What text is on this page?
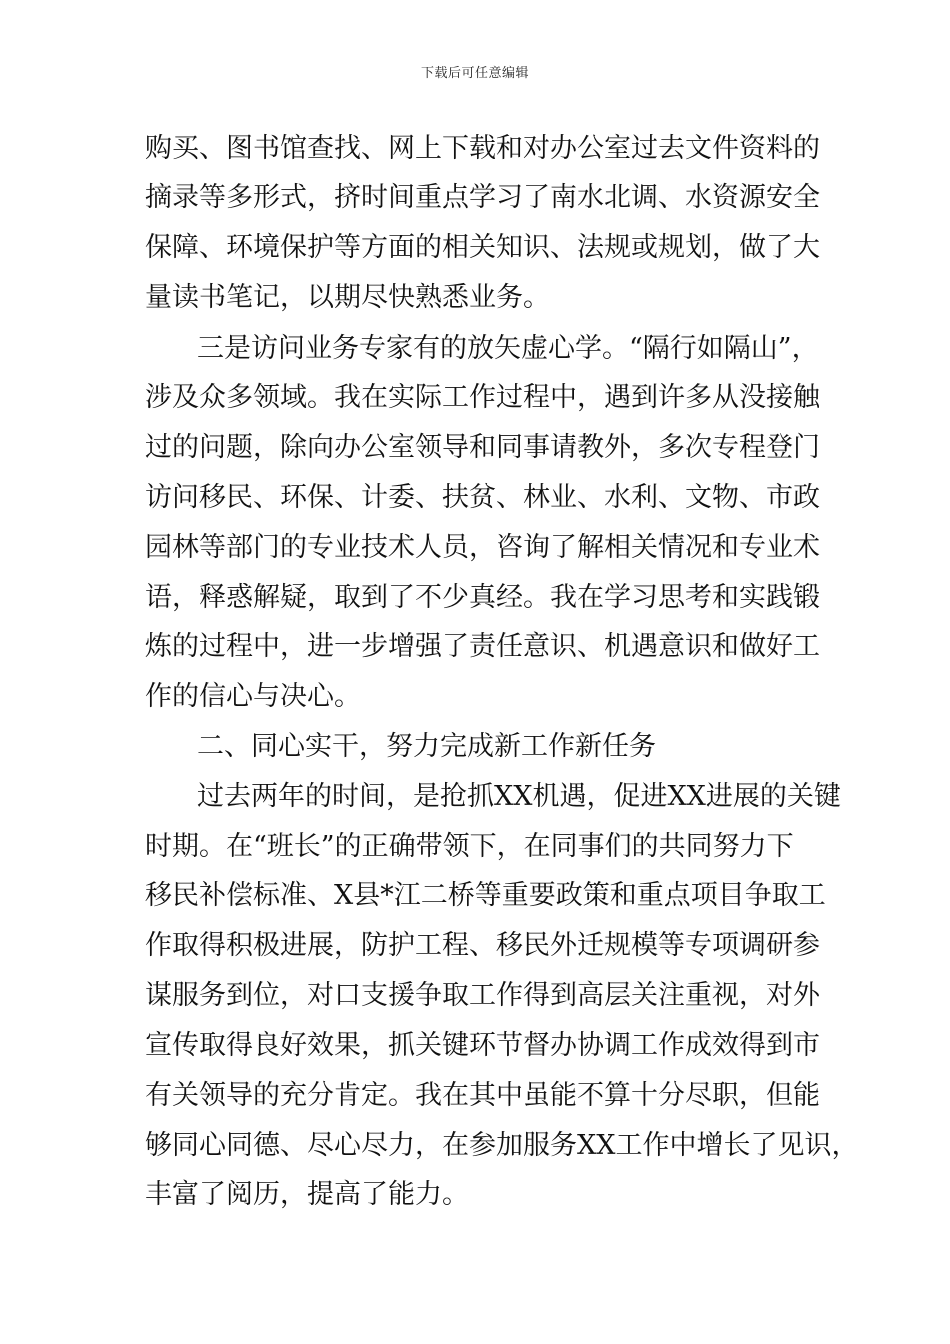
下载后可任意编辑
购买、图书馆查找、网上下载和对办公室过去文件资料的
摘录等多形式，挤时间重点学习了南水北调、水资源安全
保障、环境保护等方面的相关知识、法规或规划，做了大
量读书笔记，以期尽快熟悉业务。
三是访问业务专家有的放矢虚心学。“隔行如隔山”，
涉及众多领域。我在实际工作过程中，遇到许多从没接触
过的问题，除向办公室领导和同事请教外，多次专程登门
访问移民、环保、计委、扶贫、林业、水利、文物、市政
园林等部门的专业技术人员，咨询了解相关情况和专业术
语，释惑解疑，取到了不少真经。我在学习思考和实践锻
炼的过程中，进一步增强了责任意识、机遇意识和做好工
作的信心与决心。
二、同心实干，努力完成新工作新任务
过去两年的时间，是抢抓XX机遇，促进XX进展的关键
时期。在“班长”的正确带领下，在同事们的共同努力下
移民补偿标准、X县*江二桥等重要政策和重点项目争取工
作取得积极进展，防护工程、移民外迁规模等专项调研参
谋服务到位，对口支援争取工作得到高层关注重视，对外
宣传取得良好效果，抓关键环节督办协调工作成效得到市
有关领导的充分肯定。我在其中虽能不算十分尽职，但能
够同心同德、尽心尽力，在参加服务XX工作中增长了见识，
丰富了阅历，提高了能力。
